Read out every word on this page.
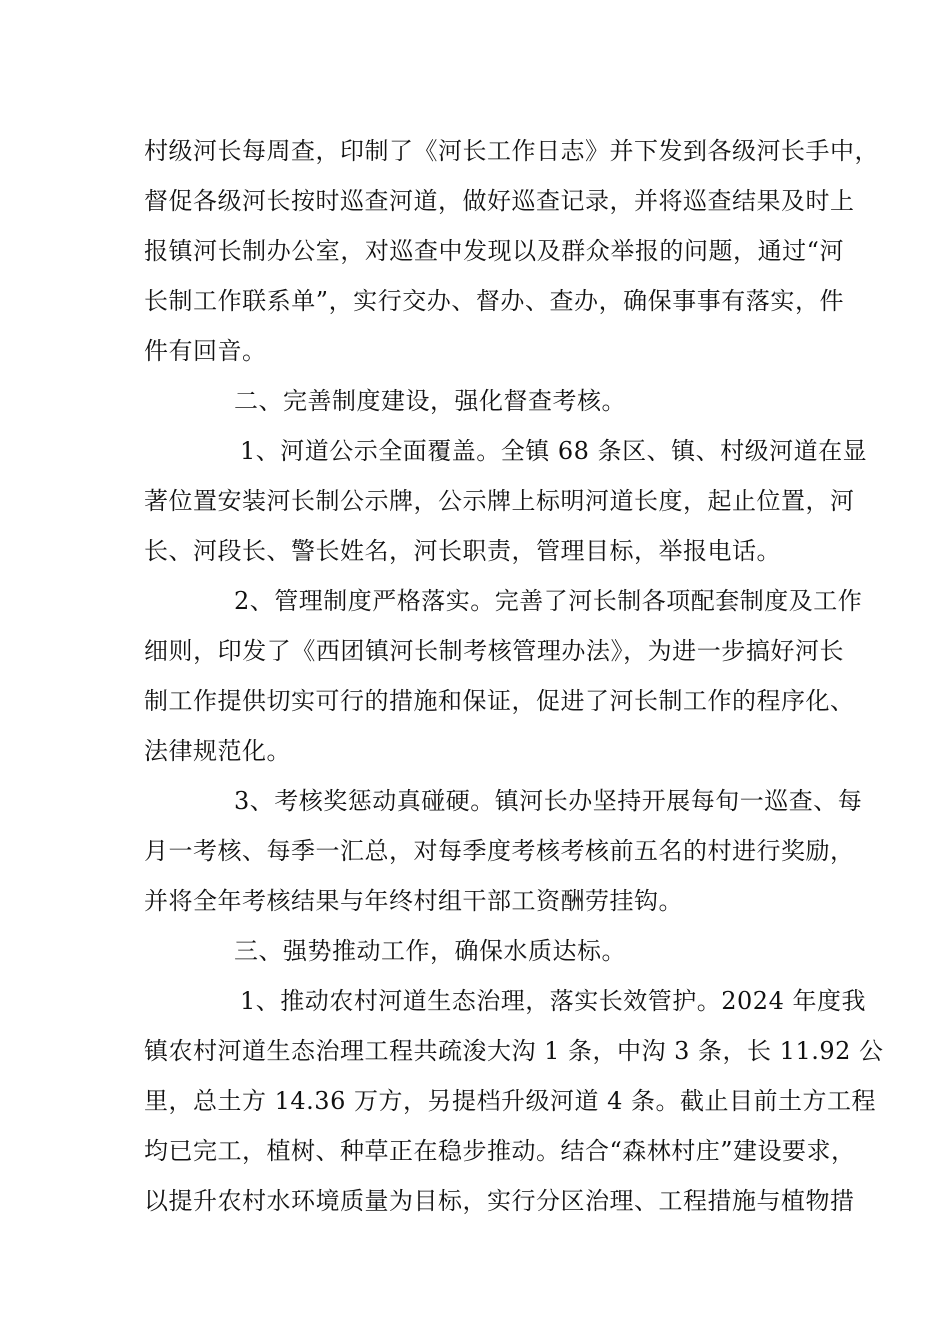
村级河长每周查，印制了《河长工作日志》并下发到各级河长手中，
督促各级河长按时巡查河道，做好巡查记录，并将巡查结果及时上
报镇河长制办公室，对巡查中发现以及群众举报的问题，通过“河
长制工作联系单”，实行交办、督办、查办，确保事事有落实，件
件有回音。
二、完善制度建设，强化督查考核。
1、河道公示全面覆盖。全镇 68 条区、镇、村级河道在显
著位置安装河长制公示牌，公示牌上标明河道长度，起止位置，河
长、河段长、警长姓名，河长职责，管理目标，举报电话。
2、管理制度严格落实。完善了河长制各项配套制度及工作
细则，印发了《西团镇河长制考核管理办法》，为进一步搞好河长
制工作提供切实可行的措施和保证，促进了河长制工作的程序化、
法律规范化。
3、考核奖惩动真碰硬。镇河长办坚持开展每旬一巡查、每
月一考核、每季一汇总，对每季度考核考核前五名的村进行奖励，
并将全年考核结果与年终村组干部工资酬劳挂钩。
三、强势推动工作，确保水质达标。
1、推动农村河道生态治理，落实长效管护。2024 年度我
镇农村河道生态治理工程共疏浚大沟 1 条，中沟 3 条，长 11.92 公
里，总土方 14.36 万方，另提档升级河道 4 条。截止目前土方工程
均已完工，植树、种草正在稳步推动。结合“森林村庄”建设要求，
以提升农村水环境质量为目标，实行分区治理、工程措施与植物措
